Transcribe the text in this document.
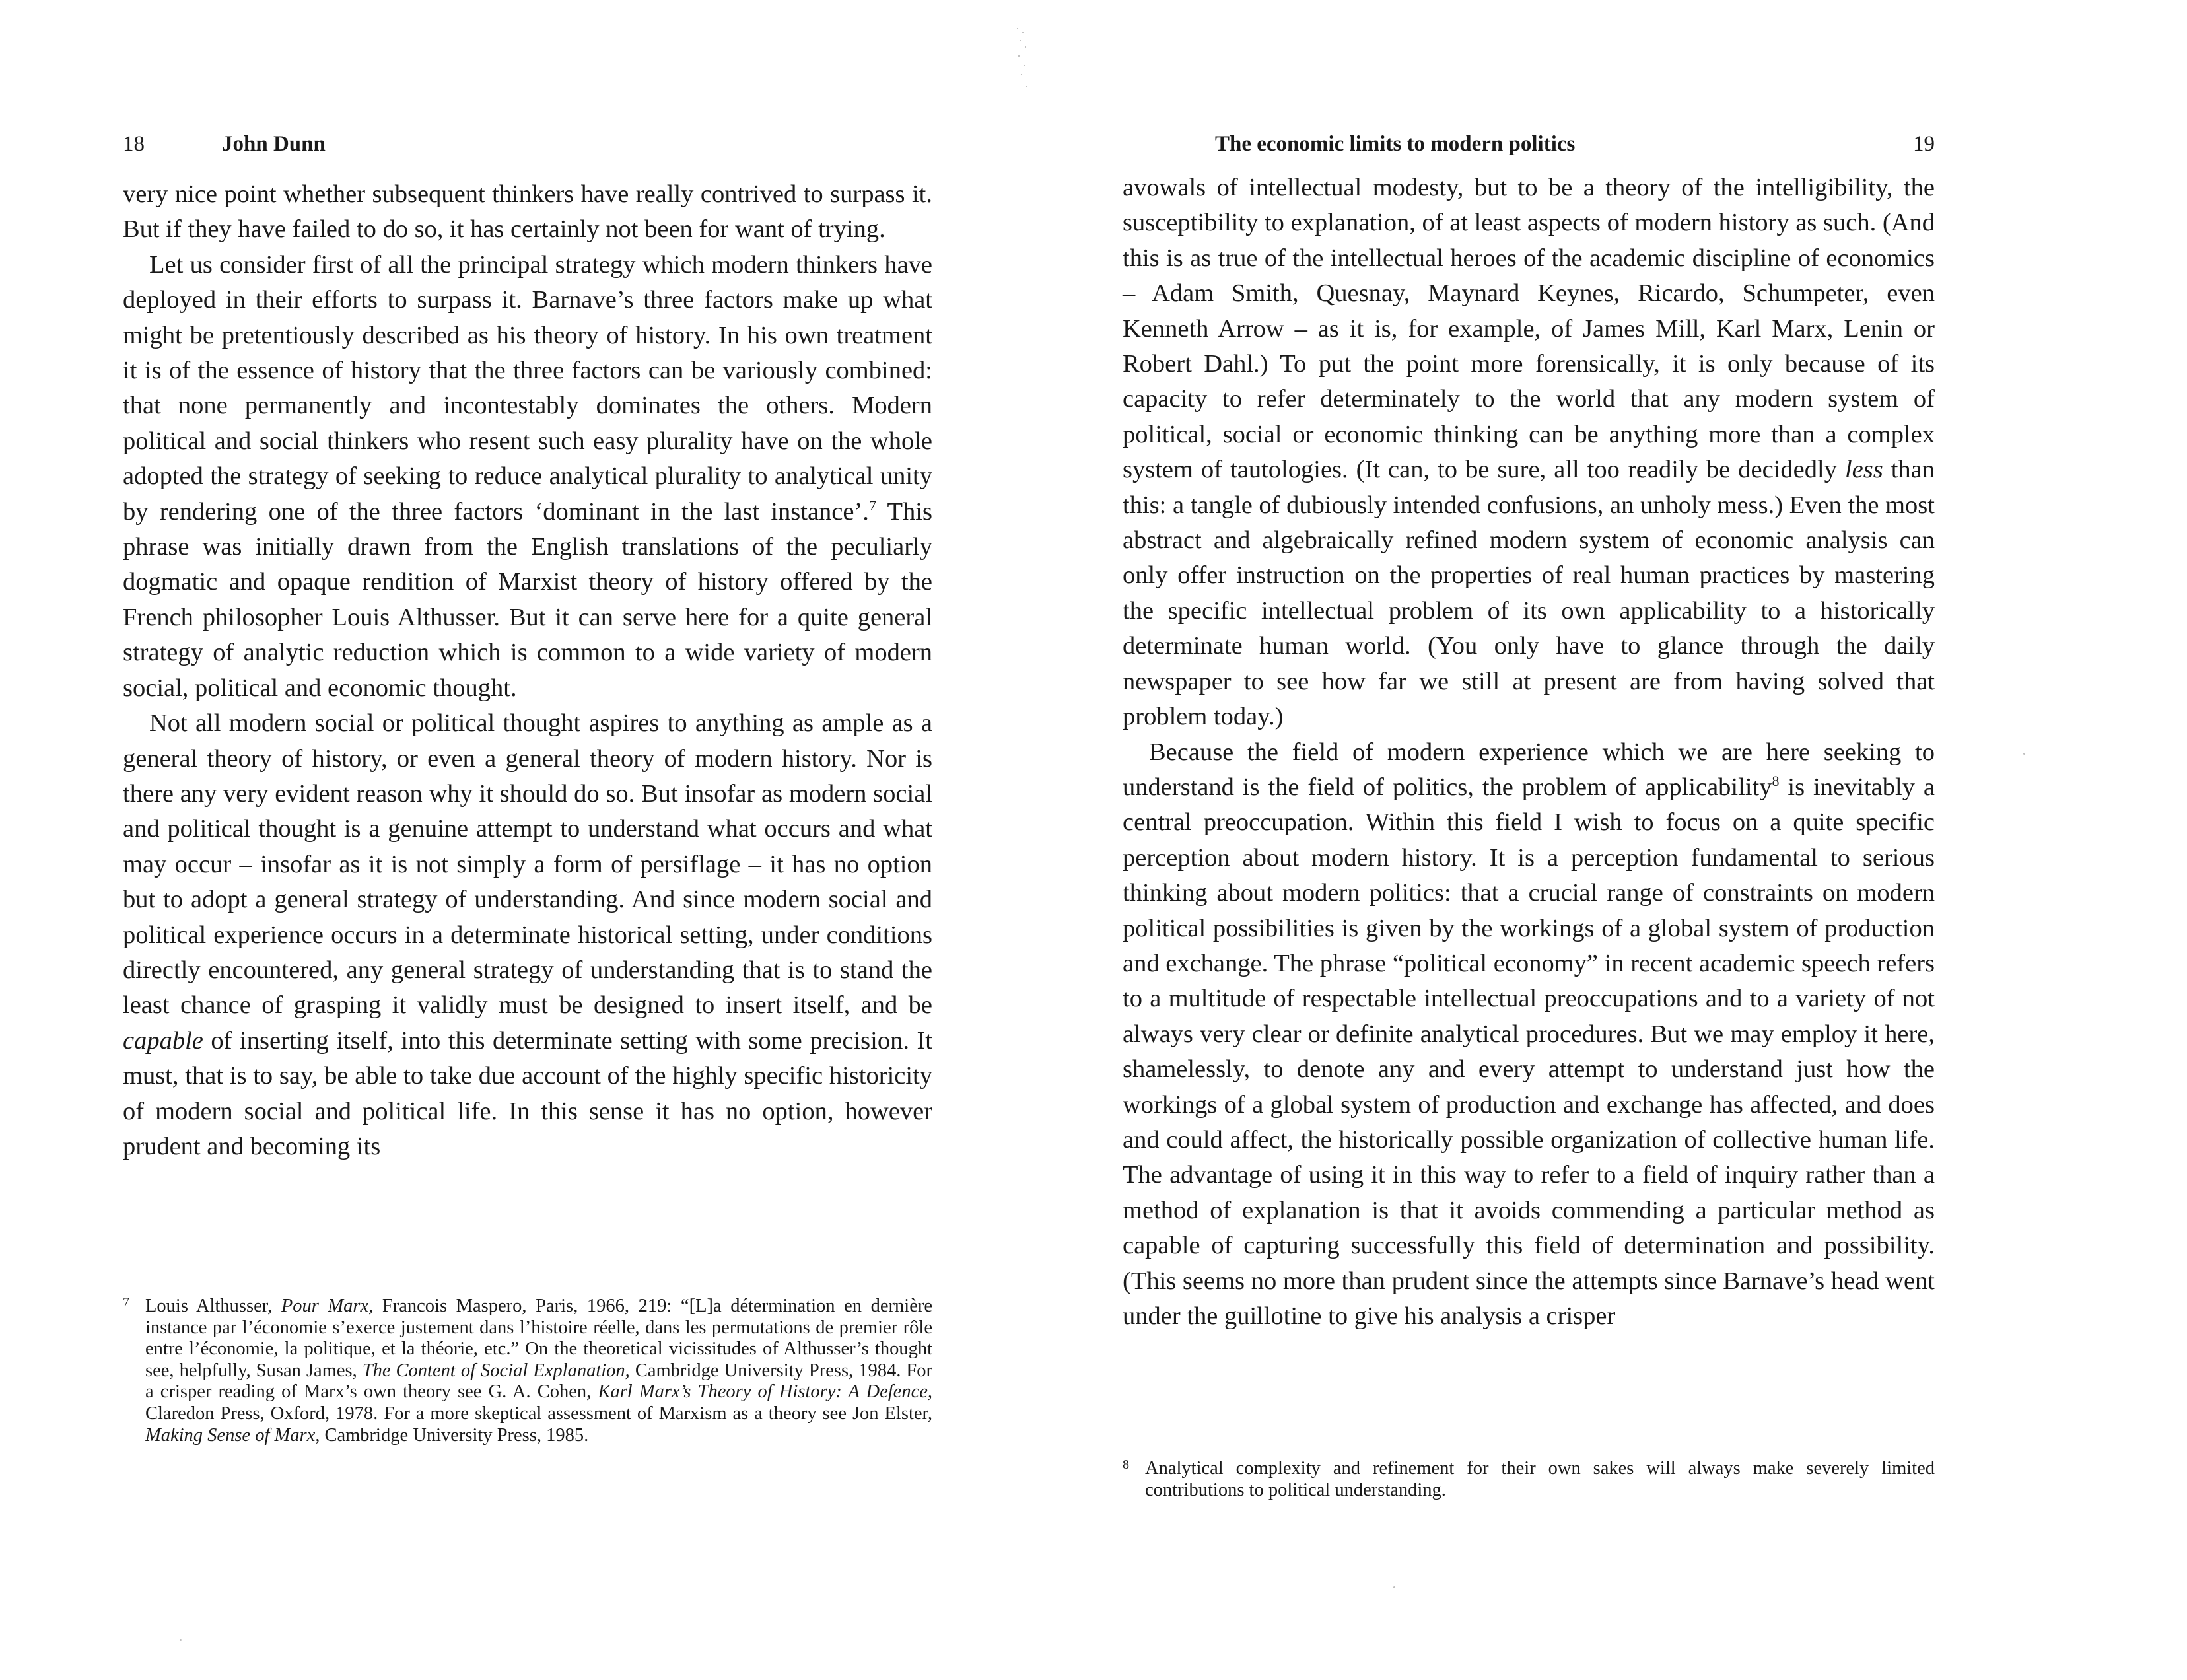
18	John Dunn

very nice point whether subsequent thinkers have really contrived to surpass it. But if they have failed to do so, it has certainly not been for want of trying.

Let us consider first of all the principal strategy which modern thinkers have deployed in their efforts to surpass it. Barnave’s three factors make up what might be pretentiously described as his theory of history. In his own treatment it is of the essence of history that the three factors can be variously combined: that none permanently and incontestably dominates the others. Modern political and social thinkers who resent such easy plurality have on the whole adopted the strategy of seeking to reduce analytical plurality to analytical unity by rendering one of the three factors ‘dominant in the last instance’.$^7$ This phrase was initially drawn from the English translations of the peculiarly dogmatic and opaque rendition of Marxist theory of history offered by the French philosopher Louis Althusser. But it can serve here for a quite general strategy of analytic reduction which is common to a wide variety of modern social, political and economic thought.

Not all modern social or political thought aspires to anything as ample as a general theory of history, or even a general theory of modern history. Nor is there any very evident reason why it should do so. But insofar as modern social and political thought is a genuine attempt to understand what occurs and what may occur – insofar as it is not simply a form of persiflage – it has no option but to adopt a general strategy of understanding. And since modern social and political experience occurs in a determinate historical setting, under conditions directly encountered, any general strategy of understanding that is to stand the least chance of grasping it validly must be designed to insert itself, and be capable of inserting itself, into this determinate setting with some precision. It must, that is to say, be able to take due account of the highly specific historicity of modern social and political life. In this sense it has no option, however prudent and becoming its

7 Louis Althusser, Pour Marx, Francois Maspero, Paris, 1966, 219: “[L]a détermination en dernière instance par l’économie s’exerce justement dans l’histoire réelle, dans les permutations de premier rôle entre l’économie, la politique, et la théorie, etc.” On the theoretical vicissitudes of Althusser’s thought see, helpfully, Susan James, The Content of Social Explanation, Cambridge University Press, 1984. For a crisper reading of Marx’s own theory see G. A. Cohen, Karl Marx’s Theory of History: A Defence, Claredon Press, Oxford, 1978. For a more skeptical assessment of Marxism as a theory see Jon Elster, Making Sense of Marx, Cambridge University Press, 1985.

The economic limits to modern politics	19

avowals of intellectual modesty, but to be a theory of the intelligibility, the susceptibility to explanation, of at least aspects of modern history as such. (And this is as true of the intellectual heroes of the academic discipline of economics – Adam Smith, Quesnay, Maynard Keynes, Ricardo, Schumpeter, even Kenneth Arrow – as it is, for example, of James Mill, Karl Marx, Lenin or Robert Dahl.) To put the point more forensically, it is only because of its capacity to refer determinately to the world that any modern system of political, social or economic thinking can be anything more than a complex system of tautologies. (It can, to be sure, all too readily be decidedly less than this: a tangle of dubiously intended confusions, an unholy mess.) Even the most abstract and algebraically refined modern system of economic analysis can only offer instruction on the properties of real human practices by mastering the specific intellectual problem of its own applicability to a historically determinate human world. (You only have to glance through the daily newspaper to see how far we still at present are from having solved that problem today.)

Because the field of modern experience which we are here seeking to understand is the field of politics, the problem of applicability$^8$ is inevitably a central preoccupation. Within this field I wish to focus on a quite specific perception about modern history. It is a perception fundamental to serious thinking about modern politics: that a crucial range of constraints on modern political possibilities is given by the workings of a global system of production and exchange. The phrase “political economy” in recent academic speech refers to a multitude of respectable intellectual preoccupations and to a variety of not always very clear or definite analytical procedures. But we may employ it here, shamelessly, to denote any and every attempt to understand just how the workings of a global system of production and exchange has affected, and does and could affect, the historically possible organization of collective human life. The advantage of using it in this way to refer to a field of inquiry rather than a method of explanation is that it avoids commending a particular method as capable of capturing successfully this field of determination and possibility. (This seems no more than prudent since the attempts since Barnave’s head went under the guillotine to give his analysis a crisper

8 Analytical complexity and refinement for their own sakes will always make severely limited contributions to political understanding.
